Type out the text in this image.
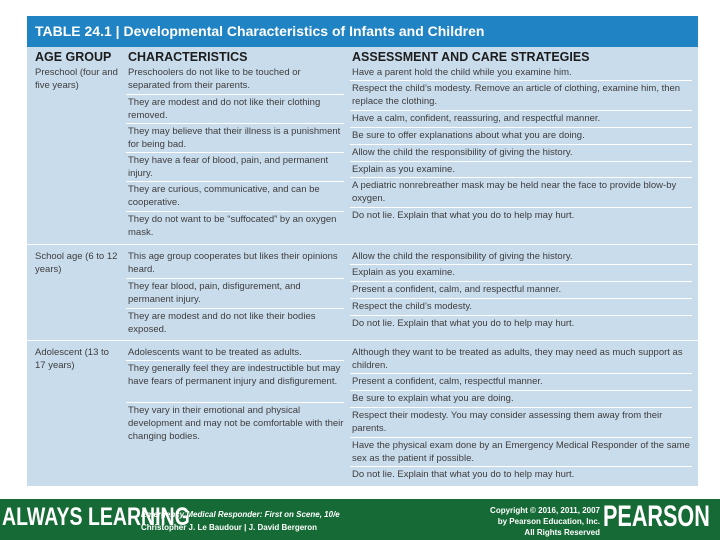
TABLE 24.1 | Developmental Characteristics of Infants and Children
AGE GROUP CHARACTERISTICS	ASSESSMENT AND CARE STRATEGIES
Preschool (four and five years)
Preschoolers do not like to be touched or separated from their parents.
They are modest and do not like their clothing removed.
They may believe that their illness is a punishment for being bad.
They have a fear of blood, pain, and permanent injury.
They are curious, communicative, and can be cooperative.
They do not want to be “suffocated” by an oxygen mask.
Have a parent hold the child while you examine him.
Respect the child’s modesty. Remove an article of clothing, examine him, then replace the clothing.
Have a calm, confident, reassuring, and respectful manner.
Be sure to offer explanations about what you are doing.
Allow the child the responsibility of giving the history.
Explain as you examine.
A pediatric nonrebreather mask may be held near the face to provide blow-by oxygen.
Do not lie. Explain that what you do to help may hurt.
School age (6 to 12 years)
This age group cooperates but likes their opinions heard.
They fear blood, pain, disfigurement, and permanent injury.
They are modest and do not like their bodies exposed.
Allow the child the responsibility of giving the history.
Explain as you examine.
Present a confident, calm, and respectful manner.
Respect the child’s modesty.
Do not lie. Explain that what you do to help may hurt.
Adolescent (13 to 17 years)
Adolescents want to be treated as adults.
They generally feel they are indestructible but may have fears of permanent injury and disfigurement.
They vary in their emotional and physical development and may not be comfortable with their changing bodies.
Although they want to be treated as adults, they may need as much support as children.
Present a confident, calm, respectful manner.
Be sure to explain what you are doing.
Respect their modesty. You may consider assessing them away from their parents.
Have the physical exam done by an Emergency Medical Responder of the same sex as the patient if possible.
Do not lie. Explain that what you do to help may hurt.
ALWAYS LEARNING
Emergency Medical Responder: First on Scene, 10/e
Christopher J. Le Baudour | J. David Bergeron
Copyright © 2016, 2011, 2007
by Pearson Education, Inc.
All Rights Reserved PEARSON
